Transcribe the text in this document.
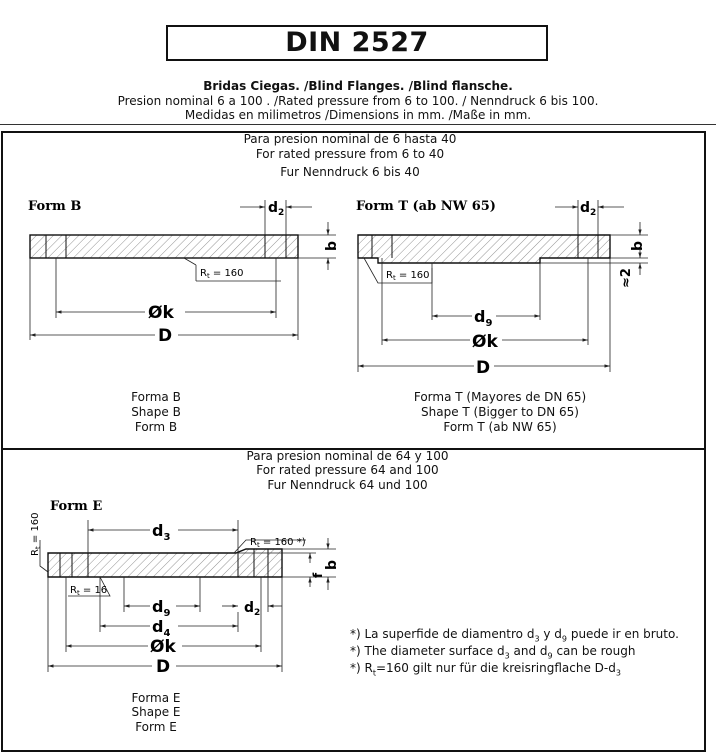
DIN 2527
Bridas Ciegas. /Blind Flanges. /Blind flansche.
Presion nominal 6 a 100 . /Rated pressure from 6 to 100. / Nenndruck 6 bis 100.
Medidas en milimetros /Dimensions in mm. /Maße in mm.
Para presion nominal de 6 hasta 40
For rated pressure from 6 to 40
Fur Nenndruck 6 bis 40
Form B	$d_2$
b
$R_t = 160$
Øk
D
Form T (ab NW 65)	$d_2$
b
≈2
$R_t = 160$
$d_9$
Øk
D
Form E
$R_t = 160$	$d_3$	$R_t = 160$ *)
f
b
$R_t = 16$
$d_9$	$d_2$
$d_4$
Øk
D
Forma B
Shape B
Form B
Forma T (Mayores de DN 65)
Shape T (Bigger to DN 65)
Form T (ab NW 65)
Para presion nominal de 64 y 100
For rated pressure 64 and 100
Fur Nenndruck 64 und 100
*) La superfide de diamentro $d_3$ y $d_9$ puede ir en bruto.
*) The diameter surface $d_3$ and $d_9$ can be rough
*) $R_t=160$ gilt nur für die kreisringflache $D-d_3$
Forma E
Shape E
Form E
